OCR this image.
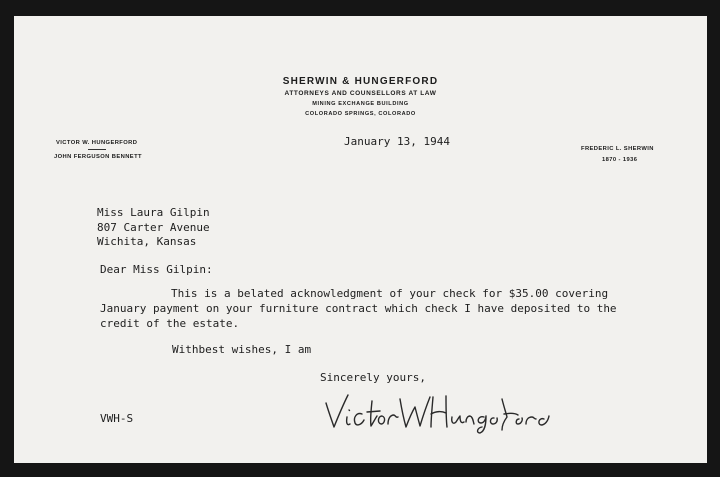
SHERWIN & HUNGERFORD
ATTORNEYS AND COUNSELLORS AT LAW
MINING EXCHANGE BUILDING
COLORADO SPRINGS, COLORADO
VICTOR W. HUNGERFORD
JOHN FERGUSON BENNETT
FREDERIC L. SHERWIN
1870 - 1936
January 13, 1944
Miss Laura Gilpin
807 Carter Avenue
Wichita, Kansas
Dear Miss Gilpin:
This is a belated acknowledgment of your check for $35.00 covering
January payment on your furniture contract which check I have deposited to the
credit of the estate.
Withbest wishes, I am
Sincerely yours,
VWH-S
